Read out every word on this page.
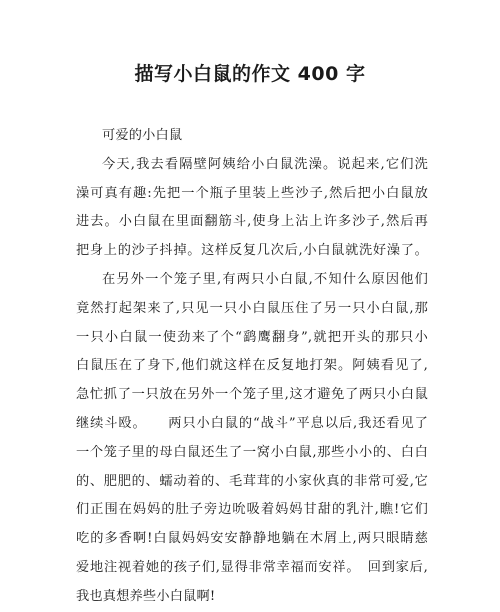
描写小白鼠的作文 400 字
可爱的小白鼠
今天,我去看隔壁阿姨给小白鼠洗澡。说起来,它们洗
澡可真有趣:先把一个瓶子里装上些沙子,然后把小白鼠放
进去。小白鼠在里面翻筋斗,使身上沾上许多沙子,然后再
把身上的沙子抖掉。这样反复几次后,小白鼠就洗好澡了。
在另外一个笼子里,有两只小白鼠,不知什么原因他们
竟然打起架来了,只见一只小白鼠压住了另一只小白鼠,那
一只小白鼠一使劲来了个“鹞鹰翻身”,就把开头的那只小
白鼠压在了身下,他们就这样在反复地打架。阿姨看见了,
急忙抓了一只放在另外一个笼子里,这才避免了两只小白鼠
继续斗殴。　　两只小白鼠的“战斗”平息以后,我还看见了
一个笼子里的母白鼠还生了一窝小白鼠,那些小小的、白白
的、肥肥的、蠕动着的、毛茸茸的小家伙真的非常可爱,它
们正围在妈妈的肚子旁边吮吸着妈妈甘甜的乳汁,瞧!它们
吃的多香啊!白鼠妈妈安安静静地躺在木屑上,两只眼睛慈
爱地注视着她的孩子们,显得非常幸福而安祥。　回到家后,
我也真想养些小白鼠啊!
